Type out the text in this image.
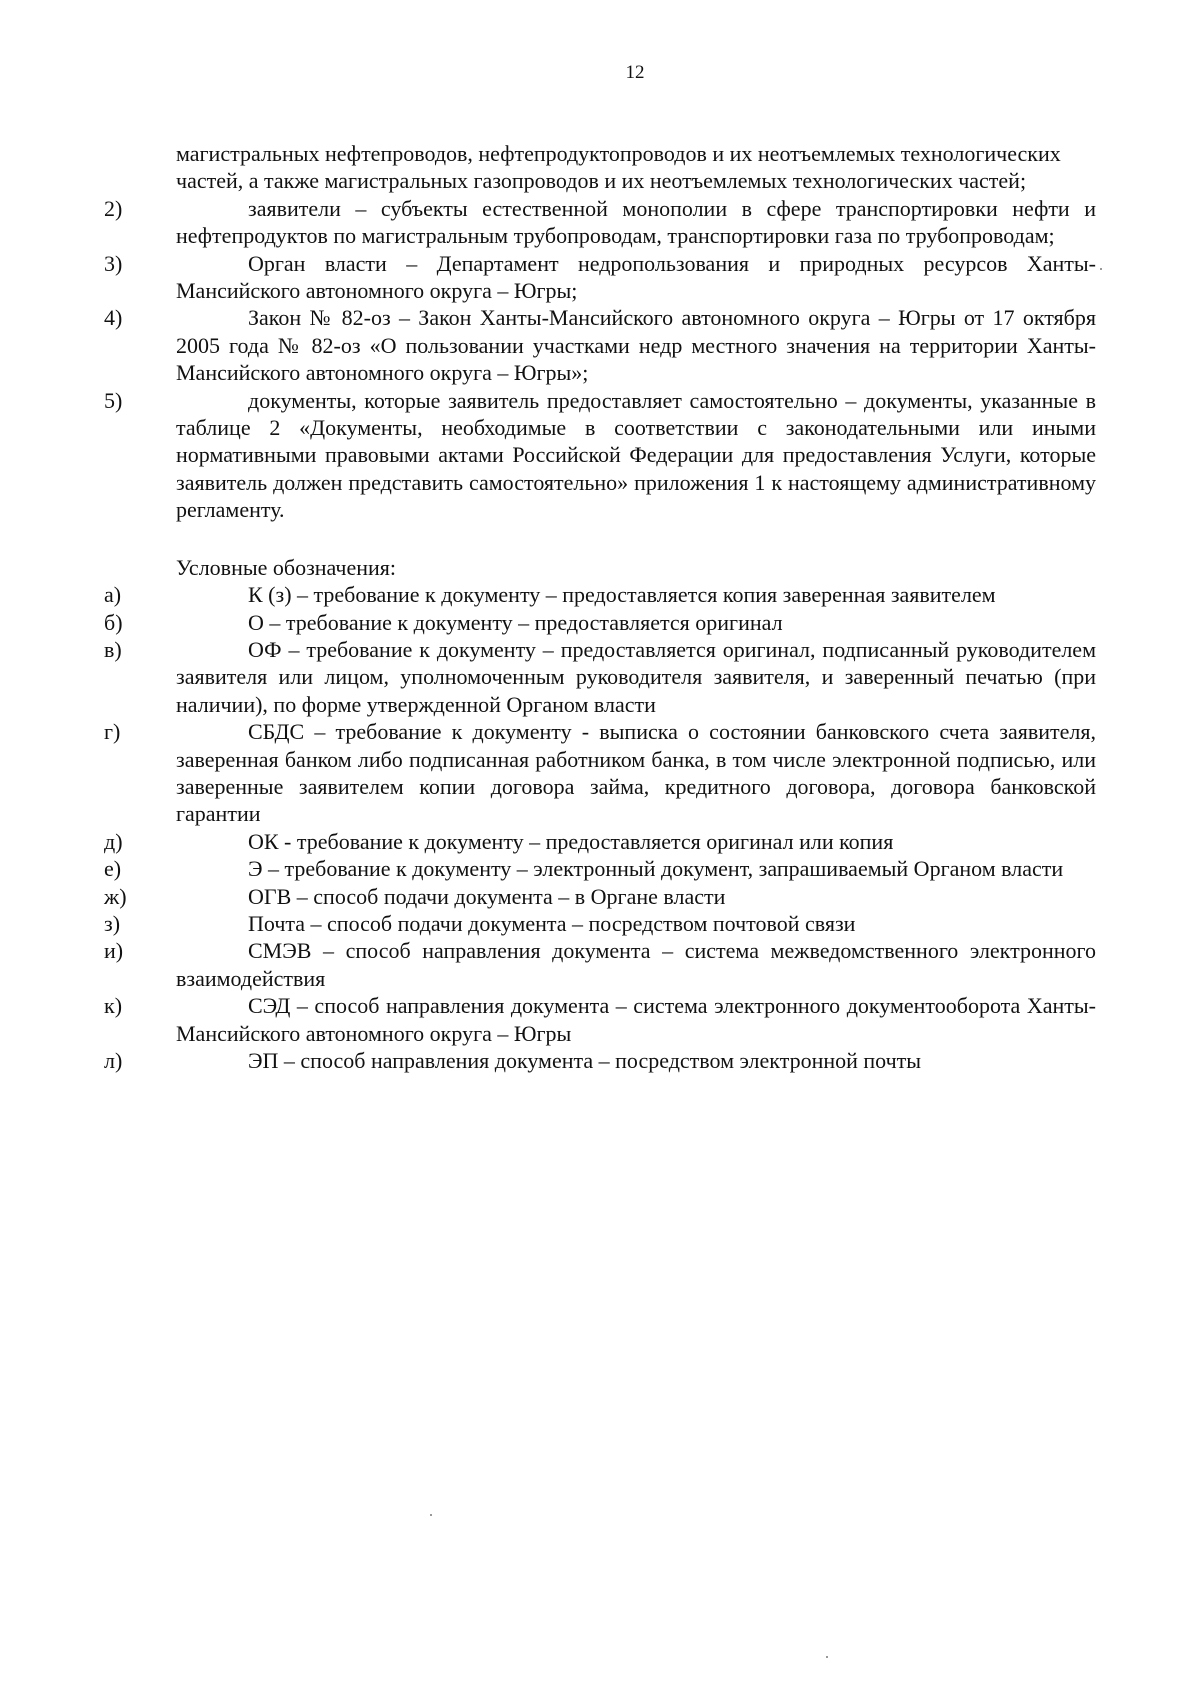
12

магистральных нефтепроводов, нефтепродуктопроводов и их неотъемлемых технологических частей, а также магистральных газопроводов и их неотъемлемых технологических частей;

2)	заявители – субъекты естественной монополии в сфере транспортировки нефти и нефтепродуктов по магистральным трубопроводам, транспортировки газа по трубопроводам;

3)	Орган власти – Департамент недропользования и природных ресурсов Ханты-Мансийского автономного округа – Югры;

4)	Закон № 82-оз – Закон Ханты-Мансийского автономного округа – Югры от 17 октября 2005 года № 82-оз «О пользовании участками недр местного значения на территории Ханты-Мансийского автономного округа – Югры»;

5)	документы, которые заявитель предоставляет самостоятельно – документы, указанные в таблице 2 «Документы, необходимые в соответствии с законодательными или иными нормативными правовыми актами Российской Федерации для предоставления Услуги, которые заявитель должен представить самостоятельно» приложения 1 к настоящему административному регламенту.

Условные обозначения:

а)	К (з) – требование к документу – предоставляется копия заверенная заявителем

б)	О – требование к документу – предоставляется оригинал

в)	ОФ – требование к документу – предоставляется оригинал, подписанный руководителем заявителя или лицом, уполномоченным руководителя заявителя, и заверенный печатью (при наличии), по форме утвержденной Органом власти

г)	СБДС – требование к документу - выписка о состоянии банковского счета заявителя, заверенная банком либо подписанная работником банка, в том числе электронной подписью, или заверенные заявителем копии договора займа, кредитного договора, договора банковской гарантии

д)	ОК - требование к документу – предоставляется оригинал или копия

е)	Э – требование к документу – электронный документ, запрашиваемый Органом власти

ж)	ОГВ – способ подачи документа – в Органе власти

з)	Почта – способ подачи документа – посредством почтовой связи

и)	СМЭВ – способ направления документа – система межведомственного электронного взаимодействия

к)	СЭД – способ направления документа – система электронного документооборота Ханты-Мансийского автономного округа – Югры

л)	ЭП – способ направления документа – посредством электронной почты
